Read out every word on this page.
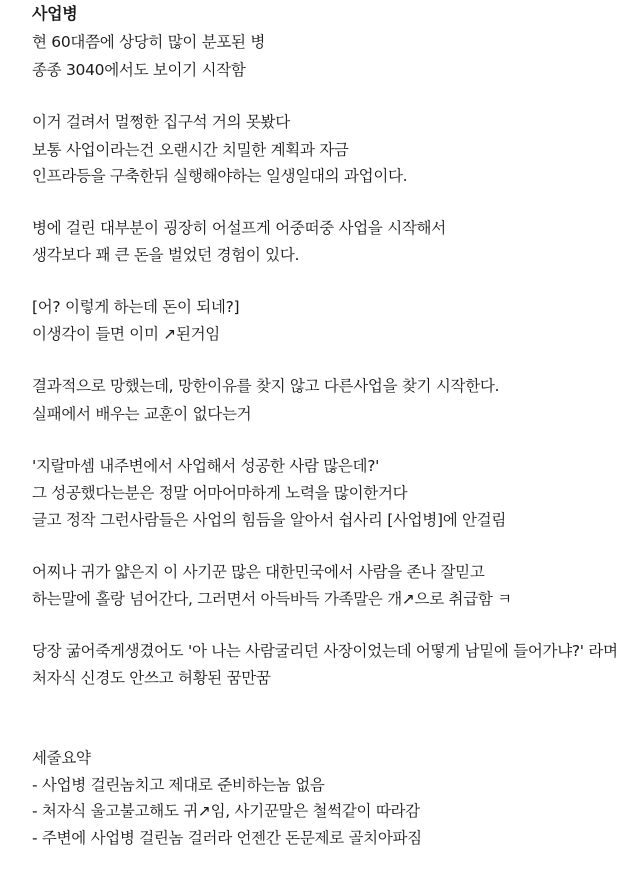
사업병
현 60대쯤에 상당히 많이 분포된 병
종종 3040에서도 보이기 시작함
이거 걸려서 멀쩡한 집구석 거의 못봤다
보통 사업이라는건 오랜시간 치밀한 계획과 자금
인프라등을 구축한뒤 실행해야하는 일생일대의 과업이다.
병에 걸린 대부분이 굉장히 어설프게 어중떠중 사업을 시작해서
생각보다 꽤 큰 돈을 벌었던 경험이 있다.
[어? 이렇게 하는데 돈이 되네?]
이생각이 들면 이미 ↗된거임
결과적으로 망했는데, 망한이유를 찾지 않고 다른사업을 찾기 시작한다.
실패에서 배우는 교훈이 없다는거
'지랄마셈 내주변에서 사업해서 성공한 사람 많은데?'
그 성공했다는분은 정말 어마어마하게 노력을 많이한거다
글고 정작 그런사람들은 사업의 힘듬을 알아서 쉽사리 [사업병]에 안걸림
어찌나 귀가 얇은지 이 사기꾼 많은 대한민국에서 사람을 존나 잘믿고
하는말에 홀랑 넘어간다, 그러면서 아득바득 가족말은 개↗으로 취급함 ㅋ
당장 굶어죽게생겼어도 '아 나는 사람굴리던 사장이었는데 어떻게 남밑에 들어가냐?' 라며
처자식 신경도 안쓰고 허황된 꿈만꿈
세줄요약
- 사업병 걸린놈치고 제대로 준비하는놈 없음
- 처자식 울고불고해도 귀↗임, 사기꾼말은 철썩같이 따라감
- 주변에 사업병 걸린놈 걸러라 언젠간 돈문제로 골치아파짐
